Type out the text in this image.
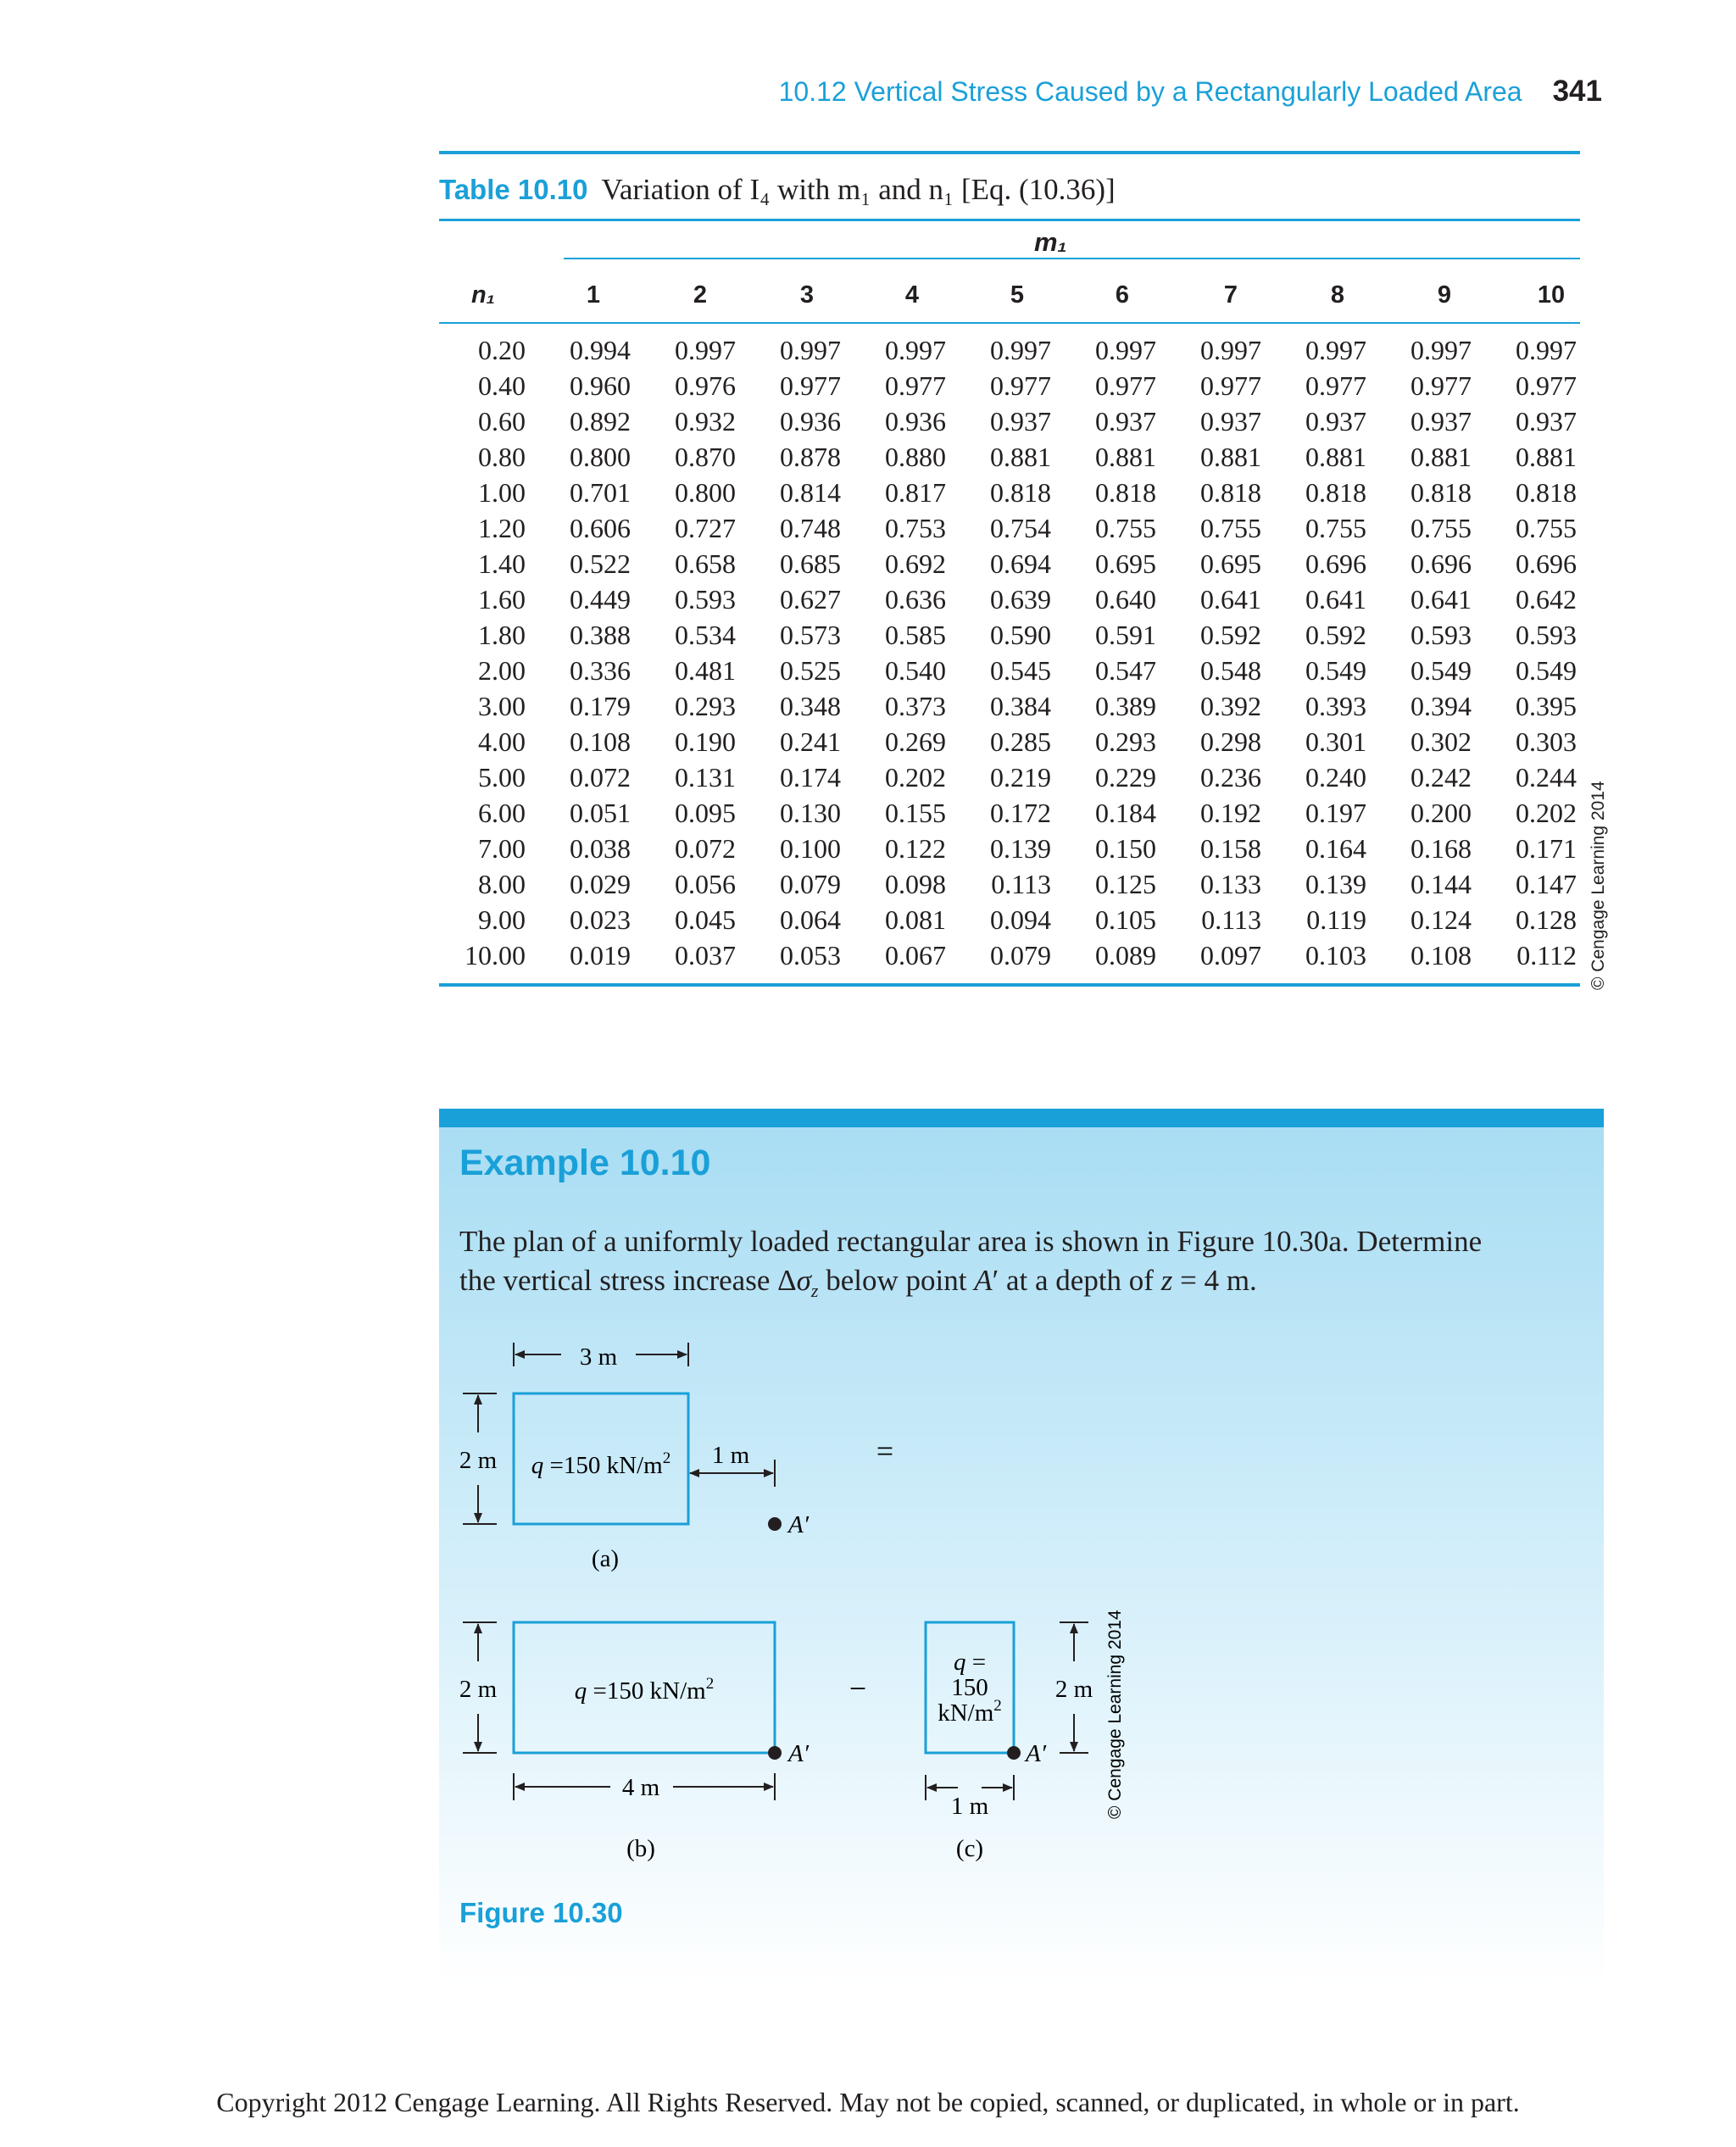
10.12 Vertical Stress Caused by a Rectangularly Loaded Area 341
Table 10.10 Variation of I₄ with m₁ and n₁ [Eq. (10.36)]
m₁
n₁	1	2	3	4	5	6	7	8	9	10
0.20	0.994	0.997	0.997	0.997	0.997	0.997	0.997	0.997	0.997	0.997
0.40	0.960	0.976	0.977	0.977	0.977	0.977	0.977	0.977	0.977	0.977
0.60	0.892	0.932	0.936	0.936	0.937	0.937	0.937	0.937	0.937	0.937
0.80	0.800	0.870	0.878	0.880	0.881	0.881	0.881	0.881	0.881	0.881
1.00	0.701	0.800	0.814	0.817	0.818	0.818	0.818	0.818	0.818	0.818
1.20	0.606	0.727	0.748	0.753	0.754	0.755	0.755	0.755	0.755	0.755
1.40	0.522	0.658	0.685	0.692	0.694	0.695	0.695	0.696	0.696	0.696
1.60	0.449	0.593	0.627	0.636	0.639	0.640	0.641	0.641	0.641	0.642
1.80	0.388	0.534	0.573	0.585	0.590	0.591	0.592	0.592	0.593	0.593
2.00	0.336	0.481	0.525	0.540	0.545	0.547	0.548	0.549	0.549	0.549
3.00	0.179	0.293	0.348	0.373	0.384	0.389	0.392	0.393	0.394	0.395
4.00	0.108	0.190	0.241	0.269	0.285	0.293	0.298	0.301	0.302	0.303
5.00	0.072	0.131	0.174	0.202	0.219	0.229	0.236	0.240	0.242	0.244
6.00	0.051	0.095	0.130	0.155	0.172	0.184	0.192	0.197	0.200	0.202
7.00	0.038	0.072	0.100	0.122	0.139	0.150	0.158	0.164	0.168	0.171
8.00	0.029	0.056	0.079	0.098	0.113	0.125	0.133	0.139	0.144	0.147
9.00	0.023	0.045	0.064	0.081	0.094	0.105	0.113	0.119	0.124	0.128
10.00	0.019	0.037	0.053	0.067	0.079	0.089	0.097	0.103	0.108	0.112 © Cengage Learning 2014
Example 10.10
The plan of a uniformly loaded rectangular area is shown in Figure 10.30a. Determine
the vertical stress increase $\Delta\sigma_z$ below point A′ at a depth of z = 4 m.
3 m
2 m q =150 $kN/m^2$ 1 m
A′
(a)
=
2 m	q =150 $kN/m^2$
A′
4 m
(b)
−
q =
150
$kN/m^2$
A′
2 m
1 m
(c)
© Cengage Learning 2014
Figure 10.30
Copyright 2012 Cengage Learning. All Rights Reserved. May not be copied, scanned, or duplicated, in whole or in part.
